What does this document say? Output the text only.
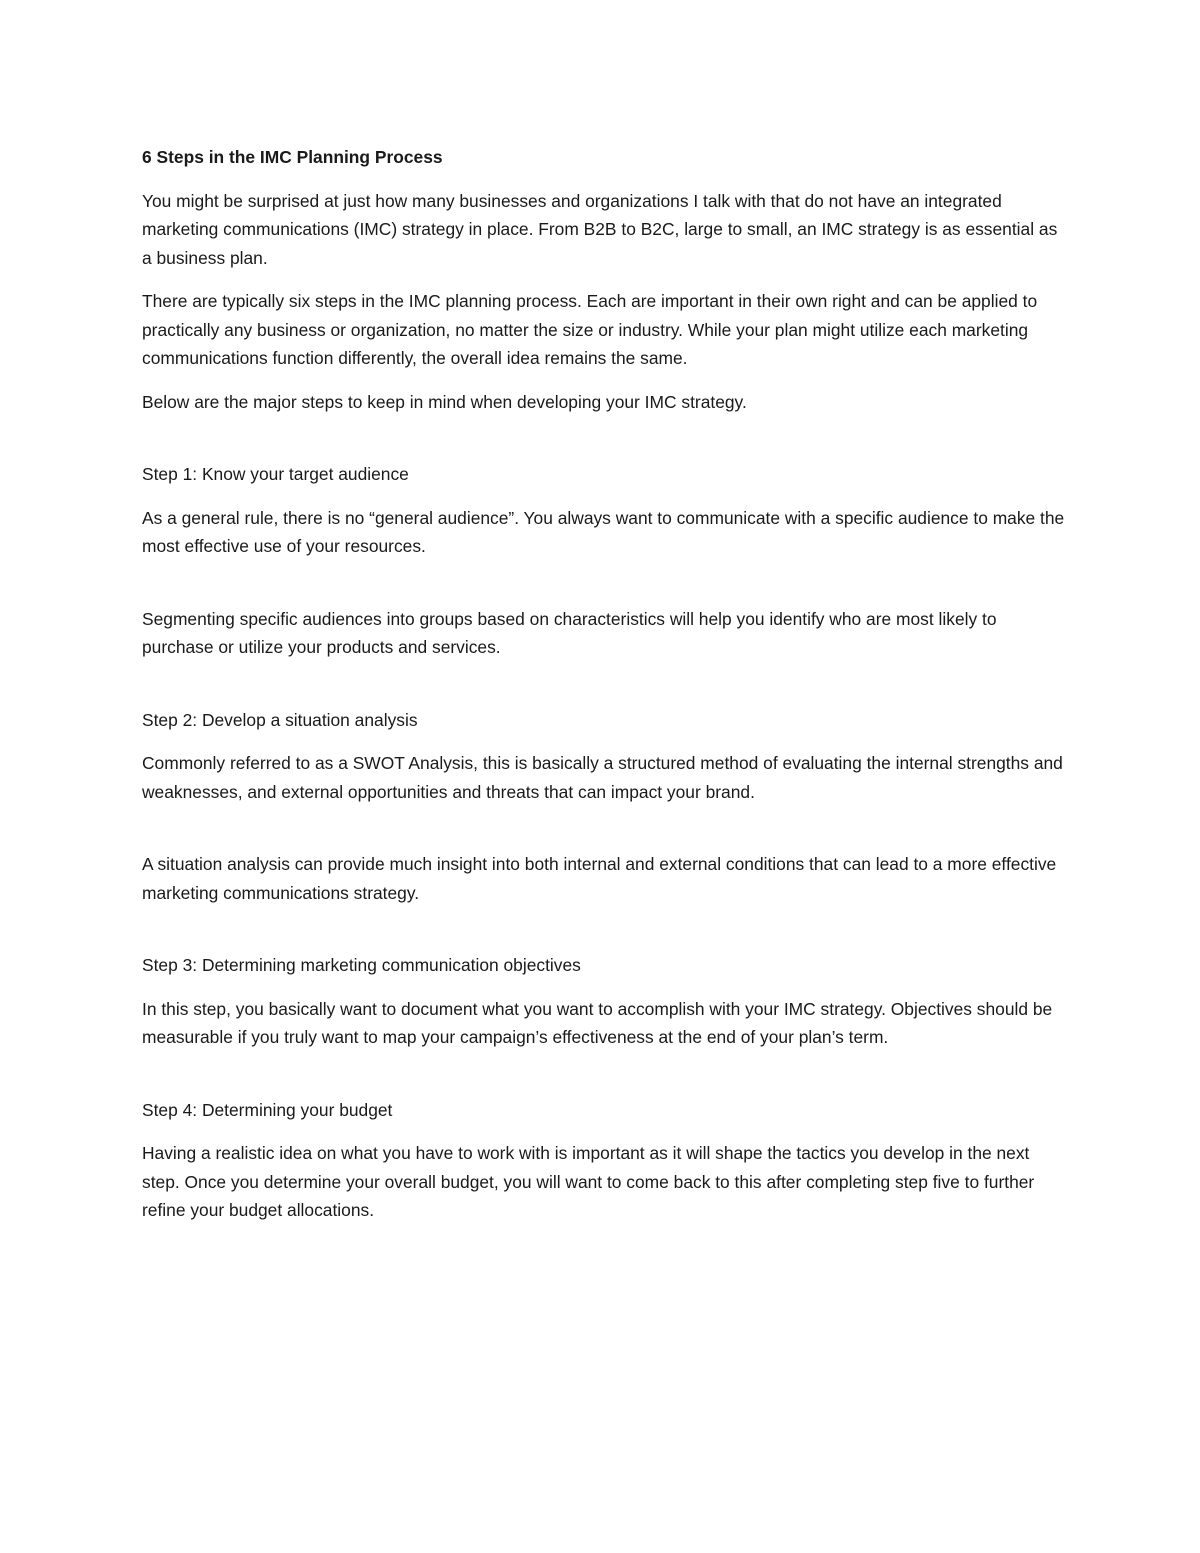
6 Steps in the IMC Planning Process

You might be surprised at just how many businesses and organizations I talk with that do not have an integrated marketing communications (IMC) strategy in place. From B2B to B2C, large to small, an IMC strategy is as essential as a business plan.

There are typically six steps in the IMC planning process. Each are important in their own right and can be applied to practically any business or organization, no matter the size or industry. While your plan might utilize each marketing communications function differently, the overall idea remains the same.

Below are the major steps to keep in mind when developing your IMC strategy.

Step 1: Know your target audience

As a general rule, there is no “general audience”. You always want to communicate with a specific audience to make the most effective use of your resources.

Segmenting specific audiences into groups based on characteristics will help you identify who are most likely to purchase or utilize your products and services.

Step 2: Develop a situation analysis

Commonly referred to as a SWOT Analysis, this is basically a structured method of evaluating the internal strengths and weaknesses, and external opportunities and threats that can impact your brand.

A situation analysis can provide much insight into both internal and external conditions that can lead to a more effective marketing communications strategy.

Step 3: Determining marketing communication objectives

In this step, you basically want to document what you want to accomplish with your IMC strategy. Objectives should be measurable if you truly want to map your campaign’s effectiveness at the end of your plan’s term.

Step 4: Determining your budget

Having a realistic idea on what you have to work with is important as it will shape the tactics you develop in the next step. Once you determine your overall budget, you will want to come back to this after completing step five to further refine your budget allocations.
